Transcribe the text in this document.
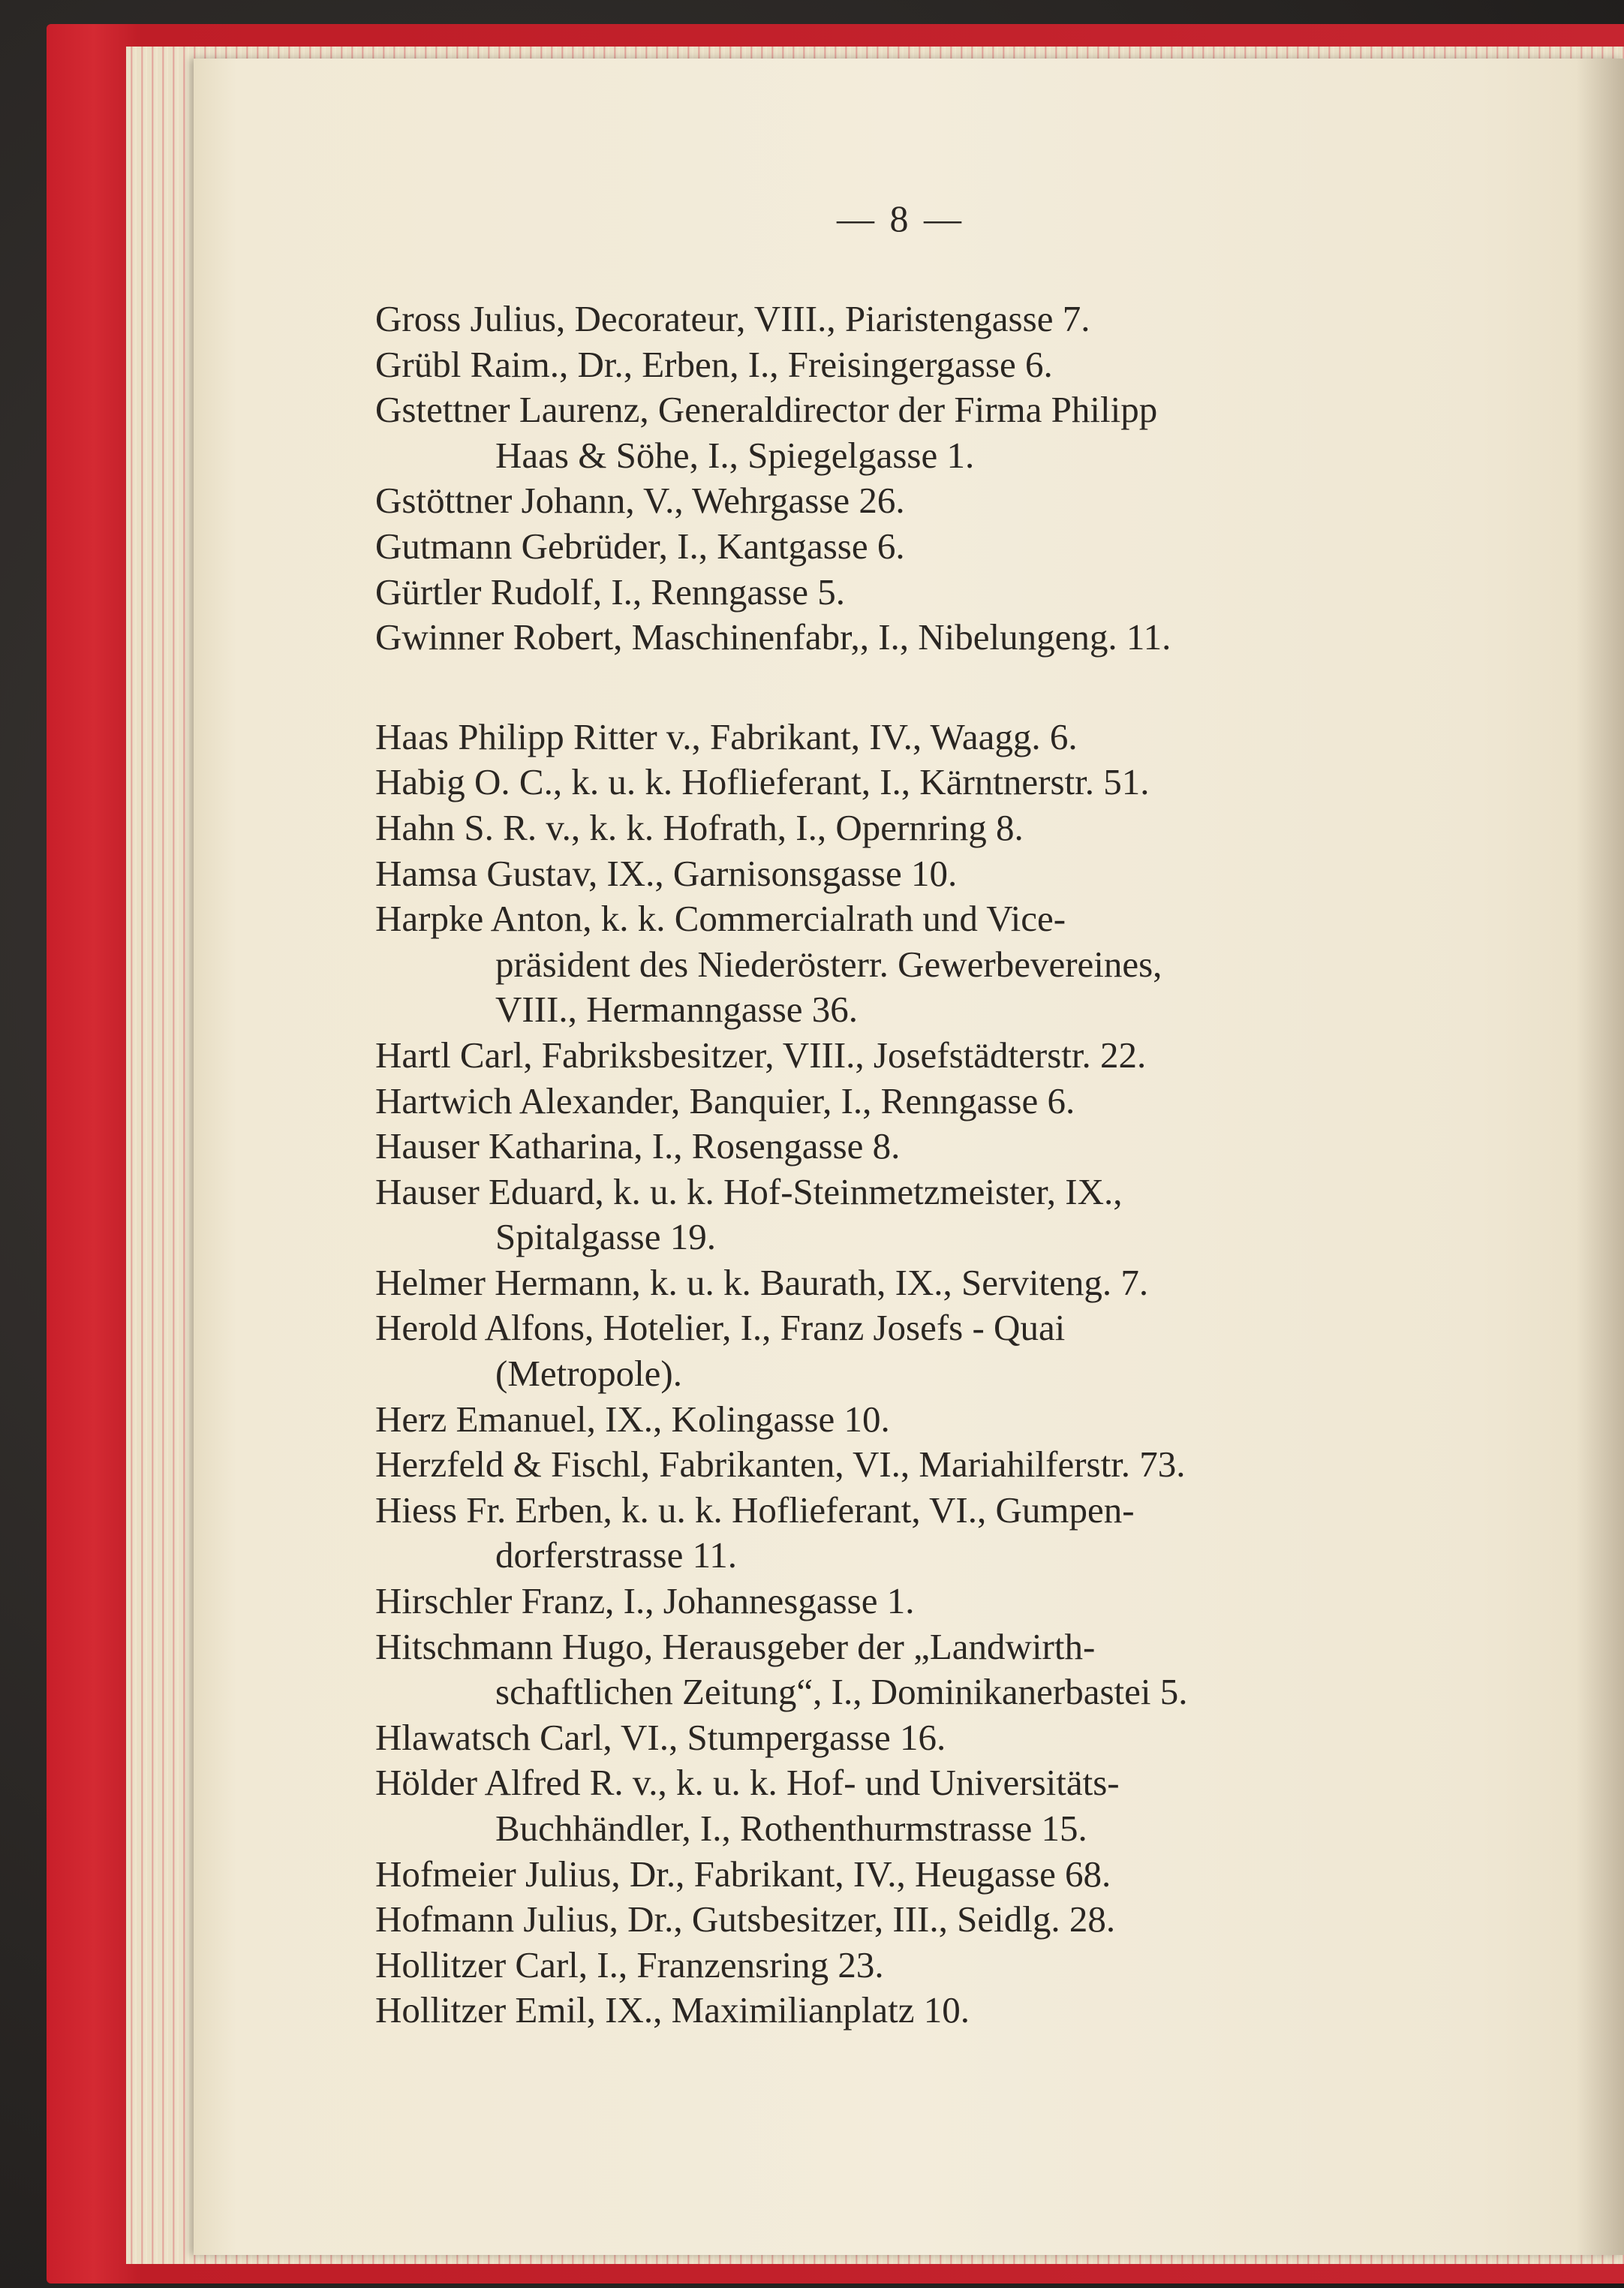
— 8 —
Gross Julius, Decorateur, VIII., Piaristengasse 7.
Grübl Raim., Dr., Erben, I., Freisingergasse 6.
Gstettner Laurenz, Generaldirector der Firma Philipp
Haas & Söhe, I., Spiegelgasse 1.
Gstöttner Johann, V., Wehrgasse 26.
Gutmann Gebrüder, I., Kantgasse 6.
Gürtler Rudolf, I., Renngasse 5.
Gwinner Robert, Maschinenfabr,, I., Nibelungeng. 11.
Haas Philipp Ritter v., Fabrikant, IV., Waagg. 6.
Habig O. C., k. u. k. Hoflieferant, I., Kärntnerstr. 51.
Hahn S. R. v., k. k. Hofrath, I., Opernring 8.
Hamsa Gustav, IX., Garnisonsgasse 10.
Harpke Anton, k. k. Commercialrath und Vice-
präsident des Niederösterr. Gewerbevereines,
VIII., Hermanngasse 36.
Hartl Carl, Fabriksbesitzer, VIII., Josefstädterstr. 22.
Hartwich Alexander, Banquier, I., Renngasse 6.
Hauser Katharina, I., Rosengasse 8.
Hauser Eduard, k. u. k. Hof-Steinmetzmeister, IX.,
Spitalgasse 19.
Helmer Hermann, k. u. k. Baurath, IX., Serviteng. 7.
Herold Alfons, Hotelier, I., Franz Josefs - Quai
(Metropole).
Herz Emanuel, IX., Kolingasse 10.
Herzfeld & Fischl, Fabrikanten, VI., Mariahilferstr. 73.
Hiess Fr. Erben, k. u. k. Hoflieferant, VI., Gumpen-
dorferstrasse 11.
Hirschler Franz, I., Johannesgasse 1.
Hitschmann Hugo, Herausgeber der „Landwirth-
schaftlichen Zeitung“, I., Dominikanerbastei 5.
Hlawatsch Carl, VI., Stumpergasse 16.
Hölder Alfred R. v., k. u. k. Hof- und Universitäts-
Buchhändler, I., Rothenthurmstrasse 15.
Hofmeier Julius, Dr., Fabrikant, IV., Heugasse 68.
Hofmann Julius, Dr., Gutsbesitzer, III., Seidlg. 28.
Hollitzer Carl, I., Franzensring 23.
Hollitzer Emil, IX., Maximilianplatz 10.
